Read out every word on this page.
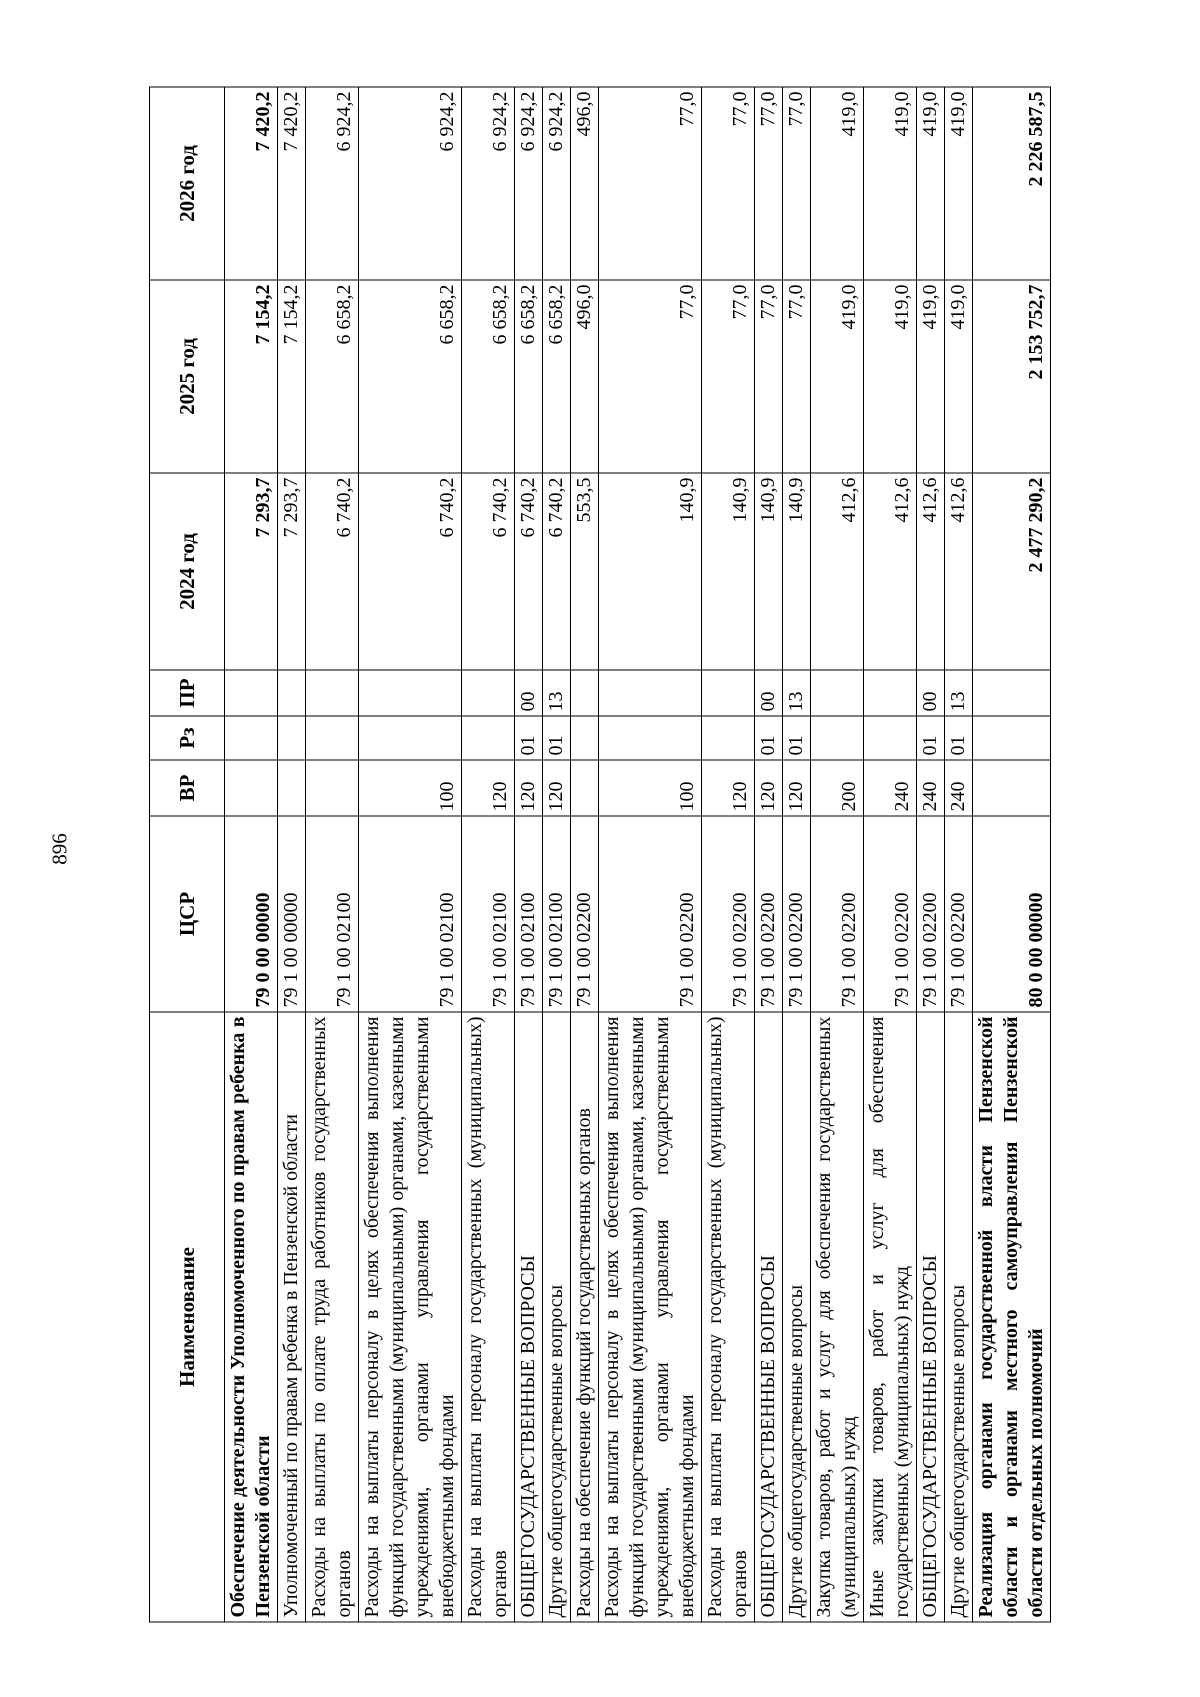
896
Наименование	ЦСР	ВР	Рз	ПР	2024 год	2025 год	2026 год
Обеспечение деятельности Уполномоченного по правам ребенка в Пензенской области	79 0 00 00000				7 293,7	7 154,2	7 420,2
Уполномоченный по правам ребенка в Пензенской области	79 1 00 00000				7 293,7	7 154,2	7 420,2
Расходы на выплаты по оплате труда работников государственных органов	79 1 00 02100				6 740,2	6 658,2	6 924,2
Расходы на выплаты персоналу в целях обеспечения выполнения функций государственными (муниципальными) органами, казенными учреждениями, органами управления государственными внебюджетными фондами	79 1 00 02100	100			6 740,2	6 658,2	6 924,2
Расходы на выплаты персоналу государственных (муниципальных) органов	79 1 00 02100	120			6 740,2	6 658,2	6 924,2
ОБЩЕГОСУДАРСТВЕННЫЕ ВОПРОСЫ	79 1 00 02100	120	01	00	6 740,2	6 658,2	6 924,2
Другие общегосударственные вопросы	79 1 00 02100	120	01	13	6 740,2	6 658,2	6 924,2
Расходы на обеспечение функций государственных органов	79 1 00 02200				553,5	496,0	496,0
Расходы на выплаты персоналу в целях обеспечения выполнения функций государственными (муниципальными) органами, казенными учреждениями, органами управления государственными внебюджетными фондами	79 1 00 02200	100			140,9	77,0	77,0
Расходы на выплаты персоналу государственных (муниципальных) органов	79 1 00 02200	120			140,9	77,0	77,0
ОБЩЕГОСУДАРСТВЕННЫЕ ВОПРОСЫ	79 1 00 02200	120	01	00	140,9	77,0	77,0
Другие общегосударственные вопросы	79 1 00 02200	120	01	13	140,9	77,0	77,0
Закупка товаров, работ и услуг для обеспечения государственных (муниципальных) нужд	79 1 00 02200	200			412,6	419,0	419,0
Иные закупки товаров, работ и услуг для обеспечения государственных (муниципальных) нужд	79 1 00 02200	240			412,6	419,0	419,0
ОБЩЕГОСУДАРСТВЕННЫЕ ВОПРОСЫ	79 1 00 02200	240	01	00	412,6	419,0	419,0
Другие общегосударственные вопросы	79 1 00 02200	240	01	13	412,6	419,0	419,0
Реализация органами государственной власти Пензенской области и органами местного самоуправления Пензенской области отдельных полномочий	80 0 00 00000				2 477 290,2	2 153 752,7	2 226 587,5
